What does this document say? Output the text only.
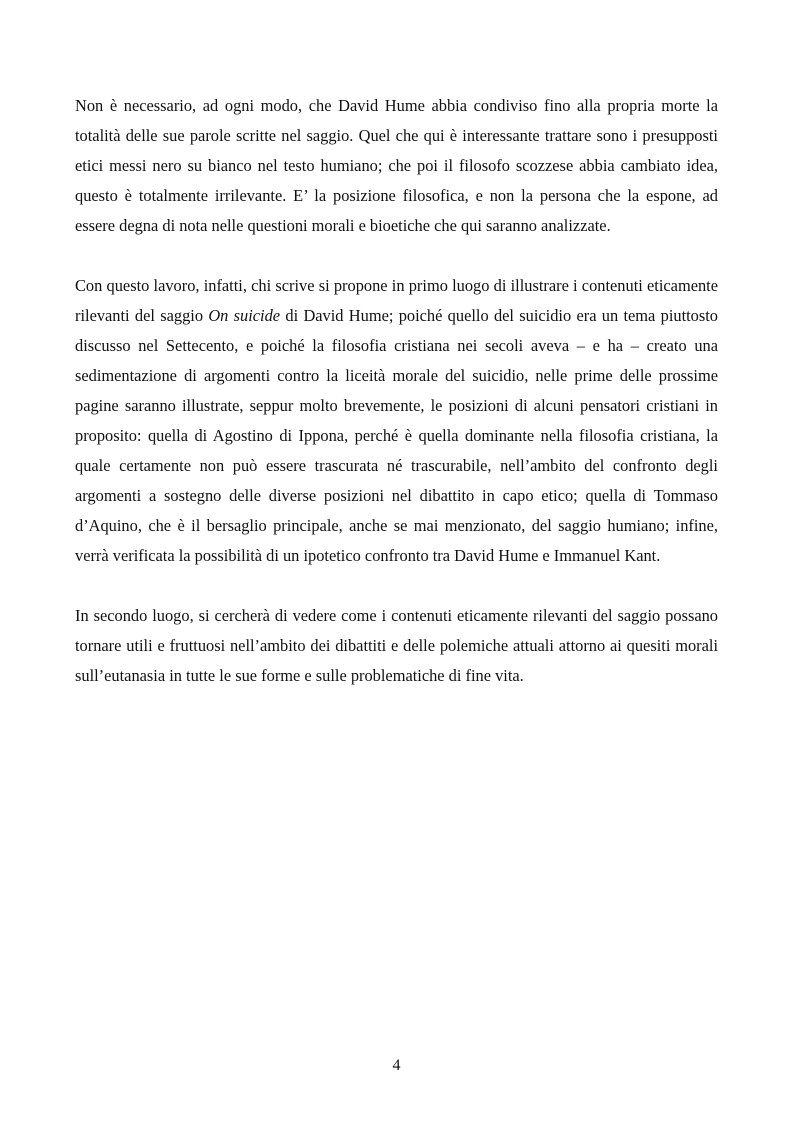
Non è necessario, ad ogni modo, che David Hume abbia condiviso fino alla propria morte la totalità delle sue parole scritte nel saggio. Quel che qui è interessante trattare sono i presupposti etici messi nero su bianco nel testo humiano; che poi il filosofo scozzese abbia cambiato idea, questo è totalmente irrilevante. E’ la posizione filosofica, e non la persona che la espone, ad essere degna di nota nelle questioni morali e bioetiche che qui saranno analizzate.

Con questo lavoro, infatti, chi scrive si propone in primo luogo di illustrare i contenuti eticamente rilevanti del saggio On suicide di David Hume; poiché quello del suicidio era un tema piuttosto discusso nel Settecento, e poiché la filosofia cristiana nei secoli aveva – e ha – creato una sedimentazione di argomenti contro la liceità morale del suicidio, nelle prime delle prossime pagine saranno illustrate, seppur molto brevemente, le posizioni di alcuni pensatori cristiani in proposito: quella di Agostino di Ippona, perché è quella dominante nella filosofia cristiana, la quale certamente non può essere trascurata né trascurabile, nell’ambito del confronto degli argomenti a sostegno delle diverse posizioni nel dibattito in capo etico; quella di Tommaso d’Aquino, che è il bersaglio principale, anche se mai menzionato, del saggio humiano; infine, verrà verificata la possibilità di un ipotetico confronto tra David Hume e Immanuel Kant.

In secondo luogo, si cercherà di vedere come i contenuti eticamente rilevanti del saggio possano tornare utili e fruttuosi nell’ambito dei dibattiti e delle polemiche attuali attorno ai quesiti morali sull’eutanasia in tutte le sue forme e sulle problematiche di fine vita.

4
